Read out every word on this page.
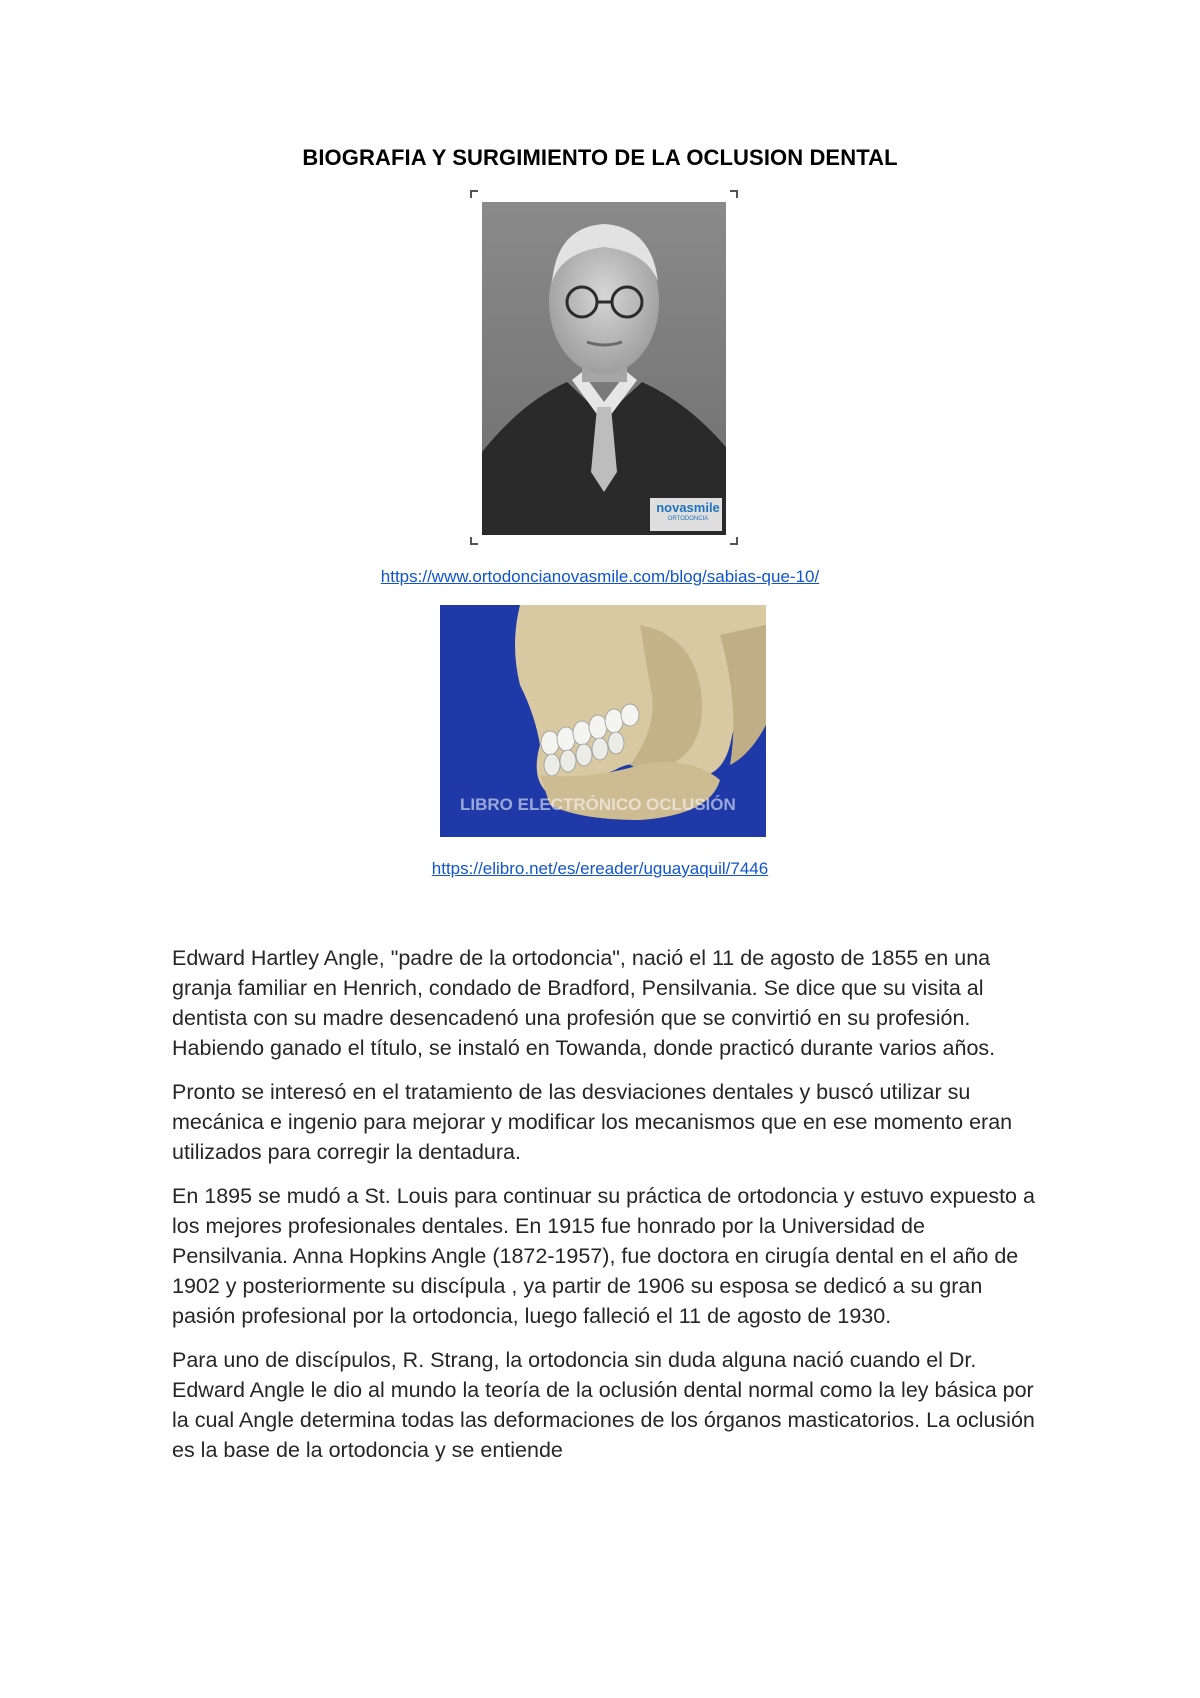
BIOGRAFIA Y SURGIMIENTO DE LA OCLUSION DENTAL
novasmile
ORTODONCIA
https://www.ortodoncianovasmile.com/blog/sabias-que-10/
LIBRO ELECTRÓNICO OCLUSIÓN
https://elibro.net/es/ereader/uguayaquil/7446

Edward Hartley Angle, "padre de la ortodoncia", nació el 11 de agosto de 1855 en una granja familiar en Henrich, condado de Bradford, Pensilvania. Se dice que su visita al dentista con su madre desencadenó una profesión que se convirtió en su profesión. Habiendo ganado el título, se instaló en Towanda, donde practicó durante varios años.

Pronto se interesó en el tratamiento de las desviaciones dentales y buscó utilizar su mecánica e ingenio para mejorar y modificar los mecanismos que en ese momento eran utilizados para corregir la dentadura.

En 1895 se mudó a St. Louis para continuar su práctica de ortodoncia y estuvo expuesto a los mejores profesionales dentales. En 1915 fue honrado por la Universidad de Pensilvania. Anna Hopkins Angle (1872-1957), fue doctora en cirugía dental en el año de 1902 y posteriormente su discípula , ya partir de 1906 su esposa se dedicó a su gran pasión profesional por la ortodoncia, luego falleció el 11 de agosto de 1930.

Para uno de discípulos, R. Strang, la ortodoncia sin duda alguna nació cuando el Dr. Edward Angle le dio al mundo la teoría de la oclusión dental normal como la ley básica por la cual Angle determina todas las deformaciones de los órganos masticatorios. La oclusión es la base de la ortodoncia y se entiende
